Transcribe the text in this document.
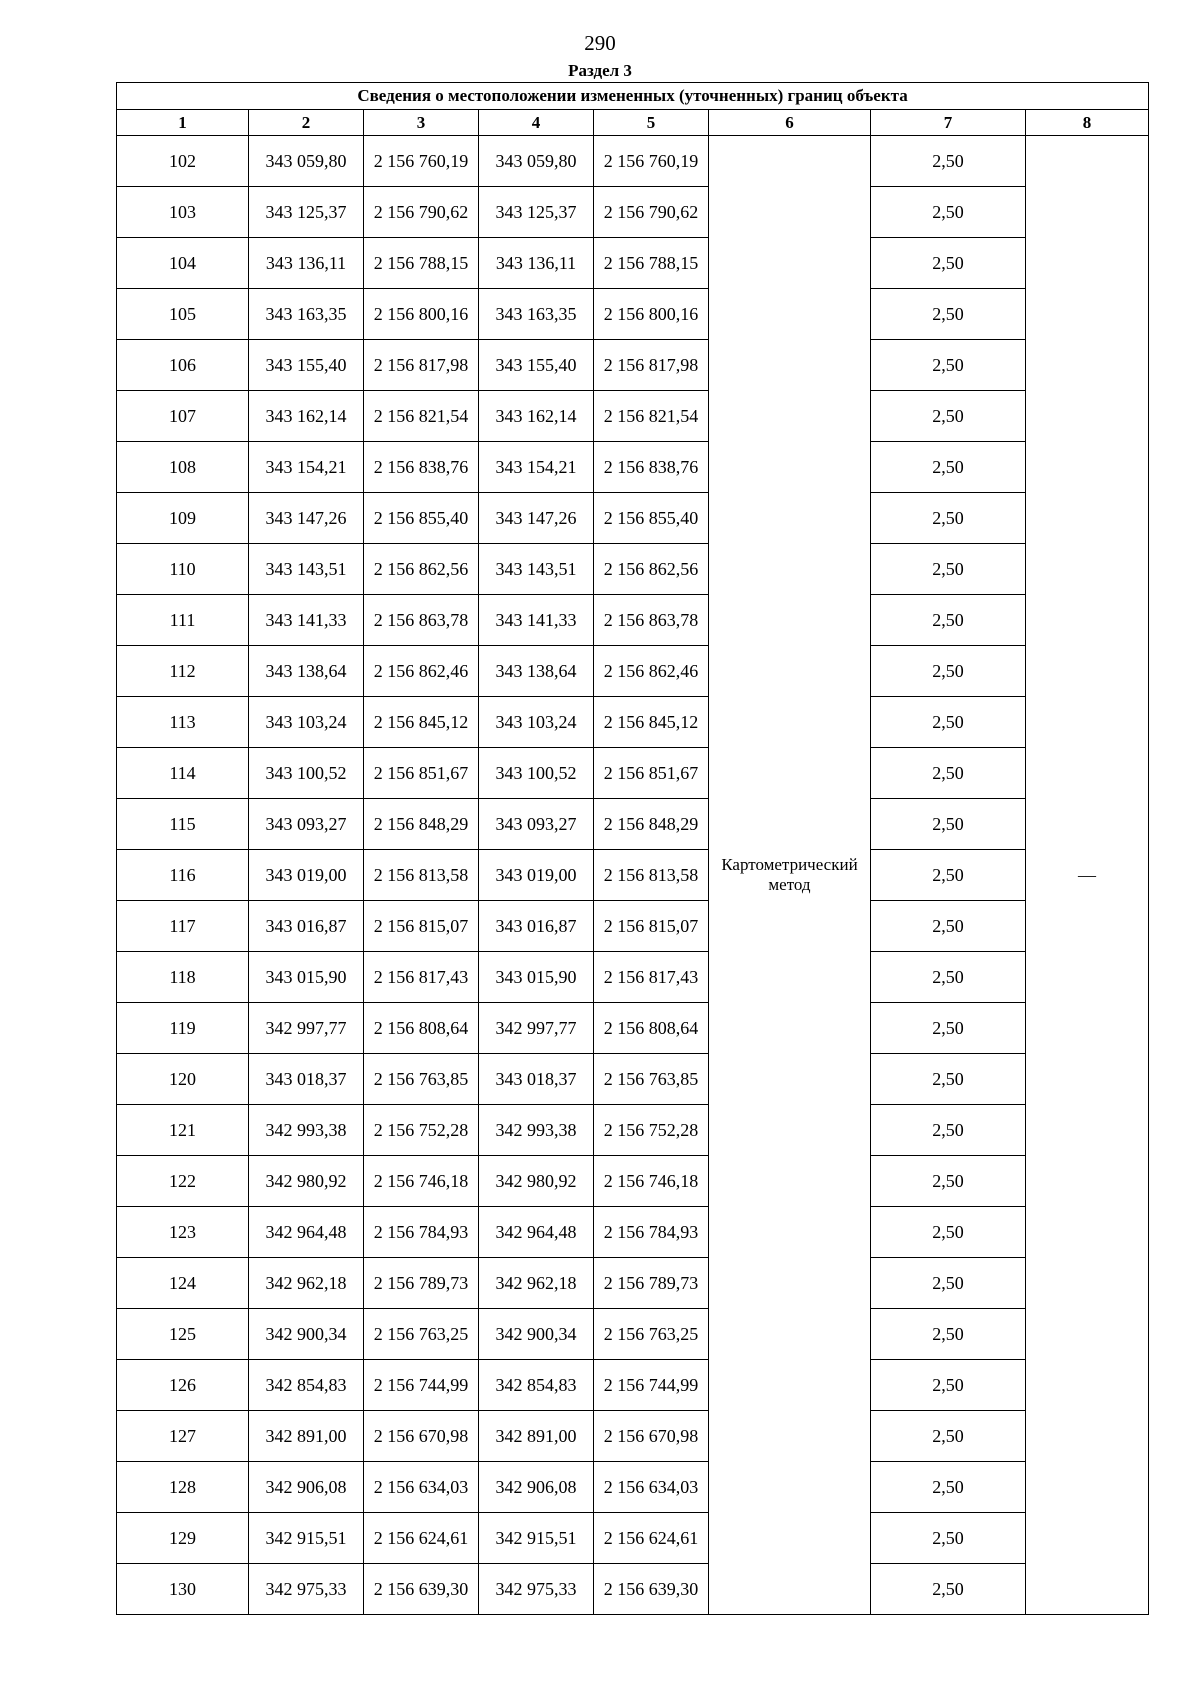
290
Раздел 3
Сведения о местоположении измененных (уточненных) границ объекта							
1	2	3	4	5	6	7	8
102	343 059,80	2 156 760,19	343 059,80	2 156 760,19	Картометрический метод	2,50	—
103	343 125,37	2 156 790,62	343 125,37	2 156 790,62		2,50	
104	343 136,11	2 156 788,15	343 136,11	2 156 788,15		2,50	
105	343 163,35	2 156 800,16	343 163,35	2 156 800,16		2,50	
106	343 155,40	2 156 817,98	343 155,40	2 156 817,98		2,50	
107	343 162,14	2 156 821,54	343 162,14	2 156 821,54		2,50	
108	343 154,21	2 156 838,76	343 154,21	2 156 838,76		2,50	
109	343 147,26	2 156 855,40	343 147,26	2 156 855,40		2,50	
110	343 143,51	2 156 862,56	343 143,51	2 156 862,56		2,50	
111	343 141,33	2 156 863,78	343 141,33	2 156 863,78		2,50	
112	343 138,64	2 156 862,46	343 138,64	2 156 862,46		2,50	
113	343 103,24	2 156 845,12	343 103,24	2 156 845,12		2,50	
114	343 100,52	2 156 851,67	343 100,52	2 156 851,67		2,50	
115	343 093,27	2 156 848,29	343 093,27	2 156 848,29		2,50	
116	343 019,00	2 156 813,58	343 019,00	2 156 813,58		2,50	
117	343 016,87	2 156 815,07	343 016,87	2 156 815,07		2,50	
118	343 015,90	2 156 817,43	343 015,90	2 156 817,43		2,50	
119	342 997,77	2 156 808,64	342 997,77	2 156 808,64		2,50	
120	343 018,37	2 156 763,85	343 018,37	2 156 763,85		2,50	
121	342 993,38	2 156 752,28	342 993,38	2 156 752,28		2,50	
122	342 980,92	2 156 746,18	342 980,92	2 156 746,18		2,50	
123	342 964,48	2 156 784,93	342 964,48	2 156 784,93		2,50	
124	342 962,18	2 156 789,73	342 962,18	2 156 789,73		2,50	
125	342 900,34	2 156 763,25	342 900,34	2 156 763,25		2,50	
126	342 854,83	2 156 744,99	342 854,83	2 156 744,99		2,50	
127	342 891,00	2 156 670,98	342 891,00	2 156 670,98		2,50	
128	342 906,08	2 156 634,03	342 906,08	2 156 634,03		2,50	
129	342 915,51	2 156 624,61	342 915,51	2 156 624,61		2,50	
130	342 975,33	2 156 639,30	342 975,33	2 156 639,30		2,50	
